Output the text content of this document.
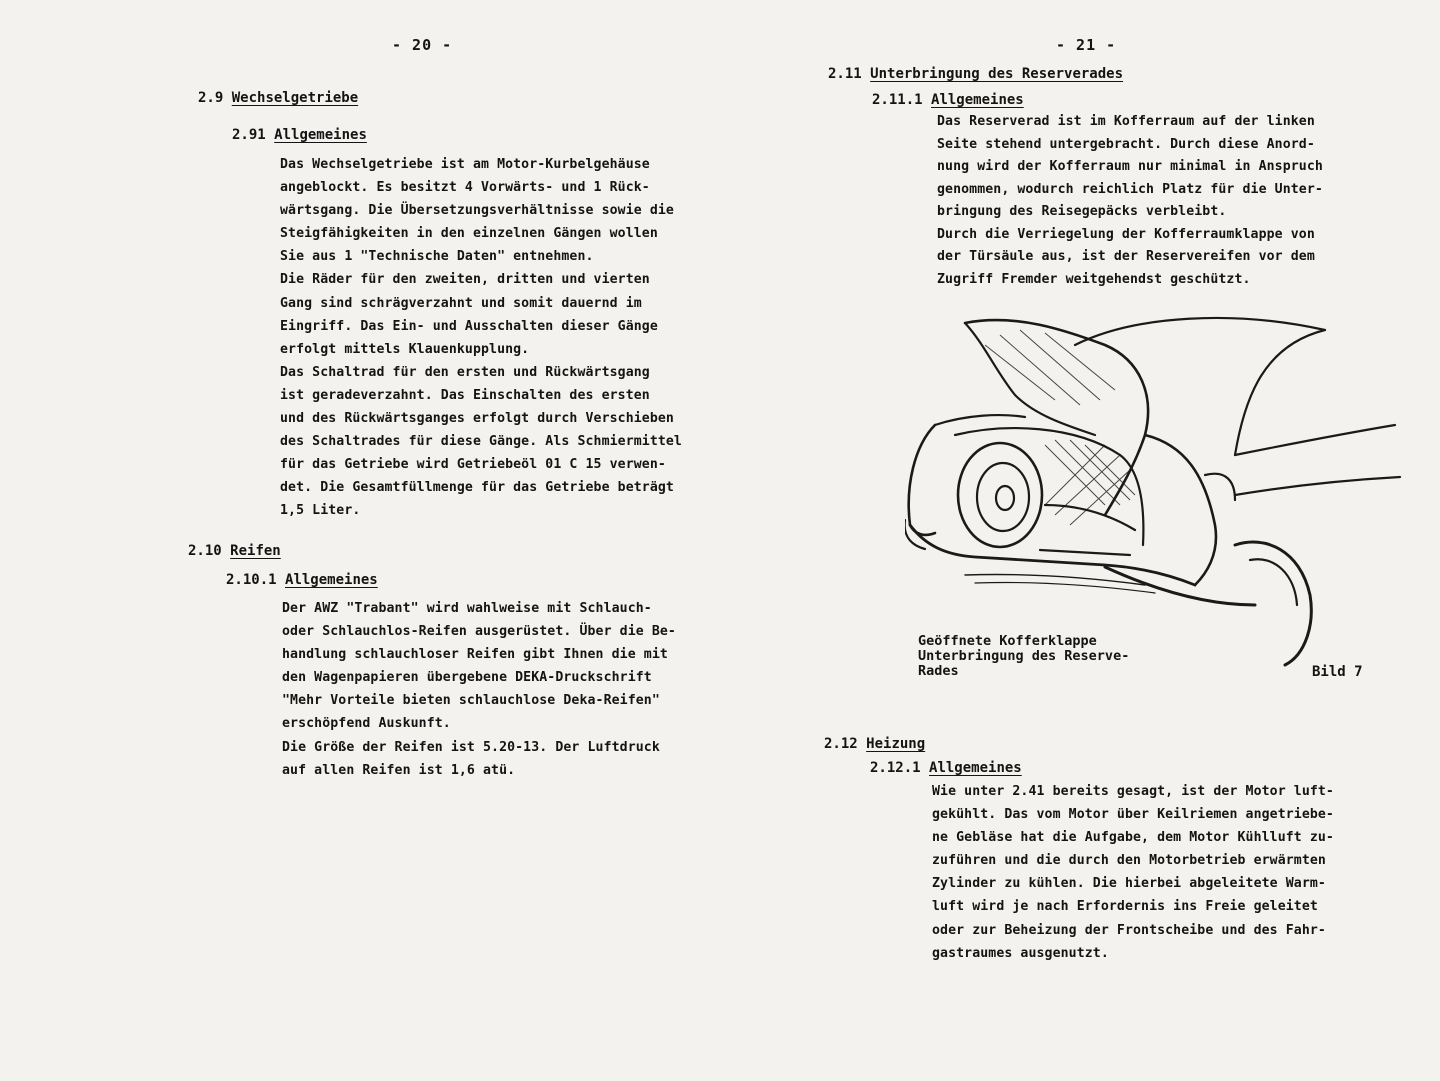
- 20 -
2.9 Wechselgetriebe
2.91 Allgemeines

Das Wechselgetriebe ist am Motor-Kurbelgehäuse
angeblockt. Es besitzt 4 Vorwärts- und 1 Rück-
wärtsgang. Die Übersetzungsverhältnisse sowie die
Steigfähigkeiten in den einzelnen Gängen wollen
Sie aus 1 "Technische Daten" entnehmen.
Die Räder für den zweiten, dritten und vierten
Gang sind schrägverzahnt und somit dauernd im
Eingriff. Das Ein- und Ausschalten dieser Gänge
erfolgt mittels Klauenkupplung.
Das Schaltrad für den ersten und Rückwärtsgang
ist geradeverzahnt. Das Einschalten des ersten
und des Rückwärtsganges erfolgt durch Verschieben
des Schaltrades für diese Gänge. Als Schmiermittel
für das Getriebe wird Getriebeöl 01 C 15 verwen-
det. Die Gesamtfüllmenge für das Getriebe beträgt
1,5 Liter.

2.10 Reifen
2.10.1 Allgemeines

Der AWZ "Trabant" wird wahlweise mit Schlauch-
oder Schlauchlos-Reifen ausgerüstet. Über die Be-
handlung schlauchloser Reifen gibt Ihnen die mit
den Wagenpapieren übergebene DEKA-Druckschrift
"Mehr Vorteile bieten schlauchlose Deka-Reifen"
erschöpfend Auskunft.
Die Größe der Reifen ist 5.20-13. Der Luftdruck
auf allen Reifen ist 1,6 atü.

- 21 -
2.11 Unterbringung des Reserverades
2.11.1 Allgemeines

Das Reserverad ist im Kofferraum auf der linken
Seite stehend untergebracht. Durch diese Anord-
nung wird der Kofferraum nur minimal in Anspruch
genommen, wodurch reichlich Platz für die Unter-
bringung des Reisegepäcks verbleibt.
Durch die Verriegelung der Kofferraumklappe von
der Türsäule aus, ist der Reservereifen vor dem
Zugriff Fremder weitgehendst geschützt.

Geöffnete Kofferklappe
Unterbringung des Reserve-
Rades	Bild 7
2.12 Heizung
2.12.1 Allgemeines

Wie unter 2.41 bereits gesagt, ist der Motor luft-
gekühlt. Das vom Motor über Keilriemen angetriebe-
ne Gebläse hat die Aufgabe, dem Motor Kühlluft zu-
zuführen und die durch den Motorbetrieb erwärmten
Zylinder zu kühlen. Die hierbei abgeleitete Warm-
luft wird je nach Erfordernis ins Freie geleitet
oder zur Beheizung der Frontscheibe und des Fahr-
gastraumes ausgenutzt.
